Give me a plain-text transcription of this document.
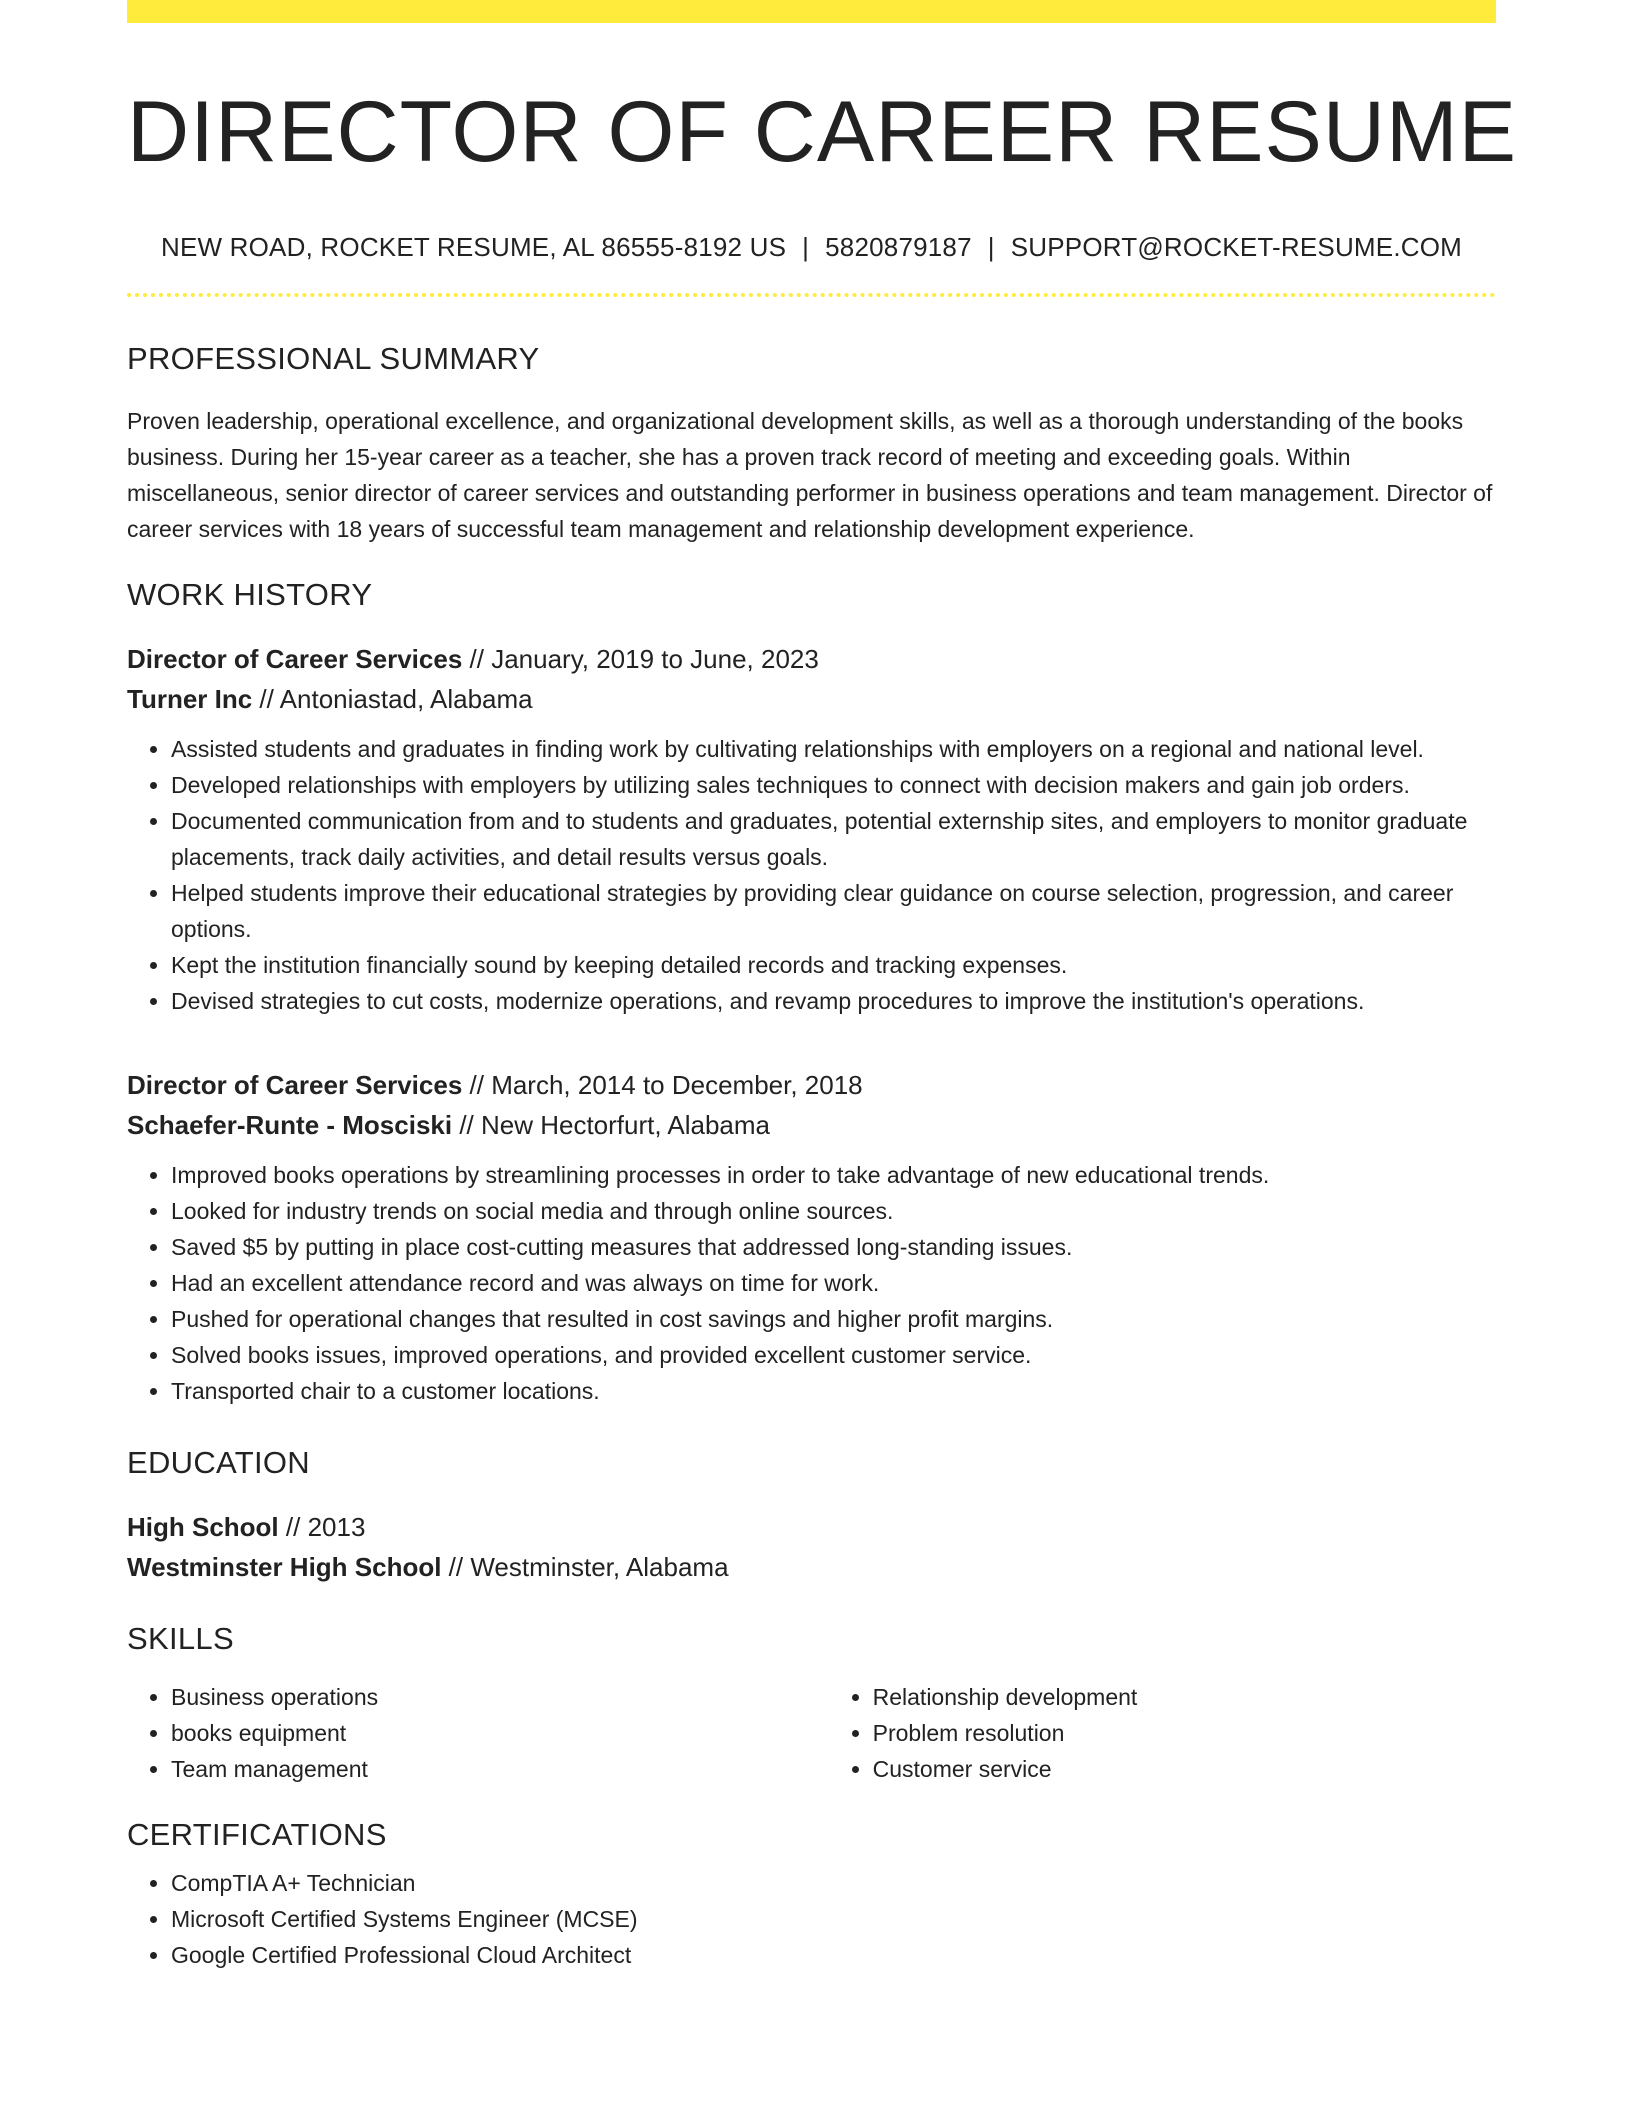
DIRECTOR OF CAREER RESUME
NEW ROAD, ROCKET RESUME, AL 86555-8192 US | 5820879187 | SUPPORT@ROCKET-RESUME.COM
PROFESSIONAL SUMMARY

Proven leadership, operational excellence, and organizational development skills, as well as a thorough understanding of the books business. During her 15-year career as a teacher, she has a proven track record of meeting and exceeding goals. Within miscellaneous, senior director of career services and outstanding performer in business operations and team management. Director of career services with 18 years of successful team management and relationship development experience.

WORK HISTORY
Director of Career Services // January, 2019 to June, 2023
Turner Inc // Antoniastad, Alabama
• Assisted students and graduates in finding work by cultivating relationships with employers on a regional and national level.
• Developed relationships with employers by utilizing sales techniques to connect with decision makers and gain job orders.
• Documented communication from and to students and graduates, potential externship sites, and employers to monitor graduate placements, track daily activities, and detail results versus goals.
• Helped students improve their educational strategies by providing clear guidance on course selection, progression, and career options.
• Kept the institution financially sound by keeping detailed records and tracking expenses.
• Devised strategies to cut costs, modernize operations, and revamp procedures to improve the institution's operations.
Director of Career Services // March, 2014 to December, 2018
Schaefer-Runte - Mosciski // New Hectorfurt, Alabama
• Improved books operations by streamlining processes in order to take advantage of new educational trends.
• Looked for industry trends on social media and through online sources.
• Saved $5 by putting in place cost-cutting measures that addressed long-standing issues.
• Had an excellent attendance record and was always on time for work.
• Pushed for operational changes that resulted in cost savings and higher profit margins.
• Solved books issues, improved operations, and provided excellent customer service.
• Transported chair to a customer locations.
EDUCATION
High School // 2013
Westminster High School // Westminster, Alabama
SKILLS
• Business operations
• books equipment
• Team management
• Relationship development
• Problem resolution
• Customer service
CERTIFICATIONS
• CompTIA A+ Technician
• Microsoft Certified Systems Engineer (MCSE)
• Google Certified Professional Cloud Architect
